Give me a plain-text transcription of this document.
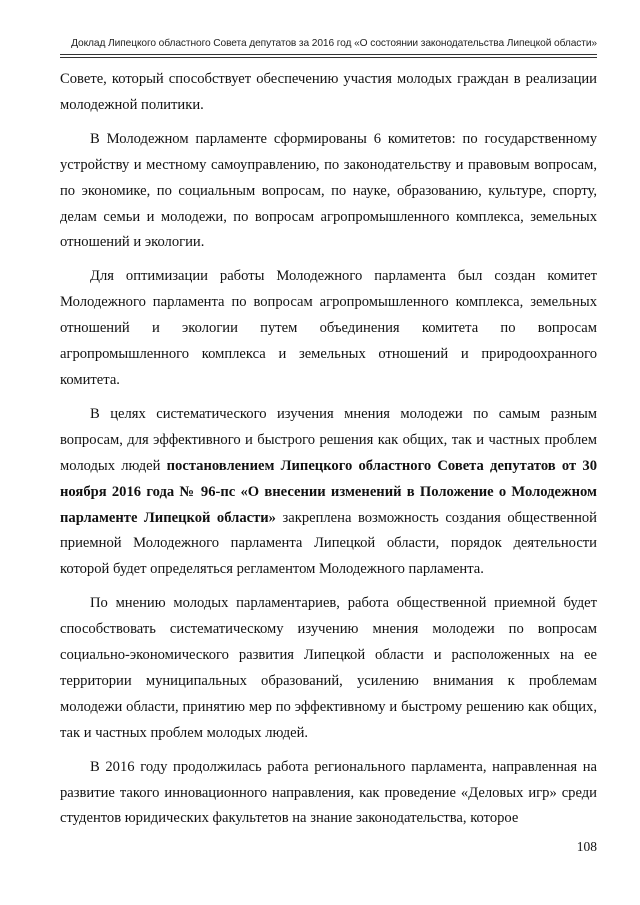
Доклад Липецкого областного Совета депутатов за 2016 год «О состоянии законодательства Липецкой области»

Совете, который способствует обеспечению участия молодых граждан в реализации молодежной политики.

В Молодежном парламенте сформированы 6 комитетов: по государственному устройству и местному самоуправлению, по законодательству и правовым вопросам, по экономике, по социальным вопросам, по науке, образованию, культуре, спорту, делам семьи и молодежи, по вопросам агропромышленного комплекса, земельных отношений и экологии.

Для оптимизации работы Молодежного парламента был создан комитет Молодежного парламента по вопросам агропромышленного комплекса, земельных отношений и экологии путем объединения комитета по вопросам агропромышленного комплекса и земельных отношений и природоохранного комитета.

В целях систематического изучения мнения молодежи по самым разным вопросам, для эффективного и быстрого решения как общих, так и частных проблем молодых людей постановлением Липецкого областного Совета депутатов от 30 ноября 2016 года № 96-пс «О внесении изменений в Положение о Молодежном парламенте Липецкой области» закреплена возможность создания общественной приемной Молодежного парламента Липецкой области, порядок деятельности которой будет определяться регламентом Молодежного парламента.

По мнению молодых парламентариев, работа общественной приемной будет способствовать систематическому изучению мнения молодежи по вопросам социально-экономического развития Липецкой области и расположенных на ее территории муниципальных образований, усилению внимания к проблемам молодежи области, принятию мер по эффективному и быстрому решению как общих, так и частных проблем молодых людей.

В 2016 году продолжилась работа регионального парламента, направленная на развитие такого инновационного направления, как проведение «Деловых игр» среди студентов юридических факультетов на знание законодательства, которое

108
